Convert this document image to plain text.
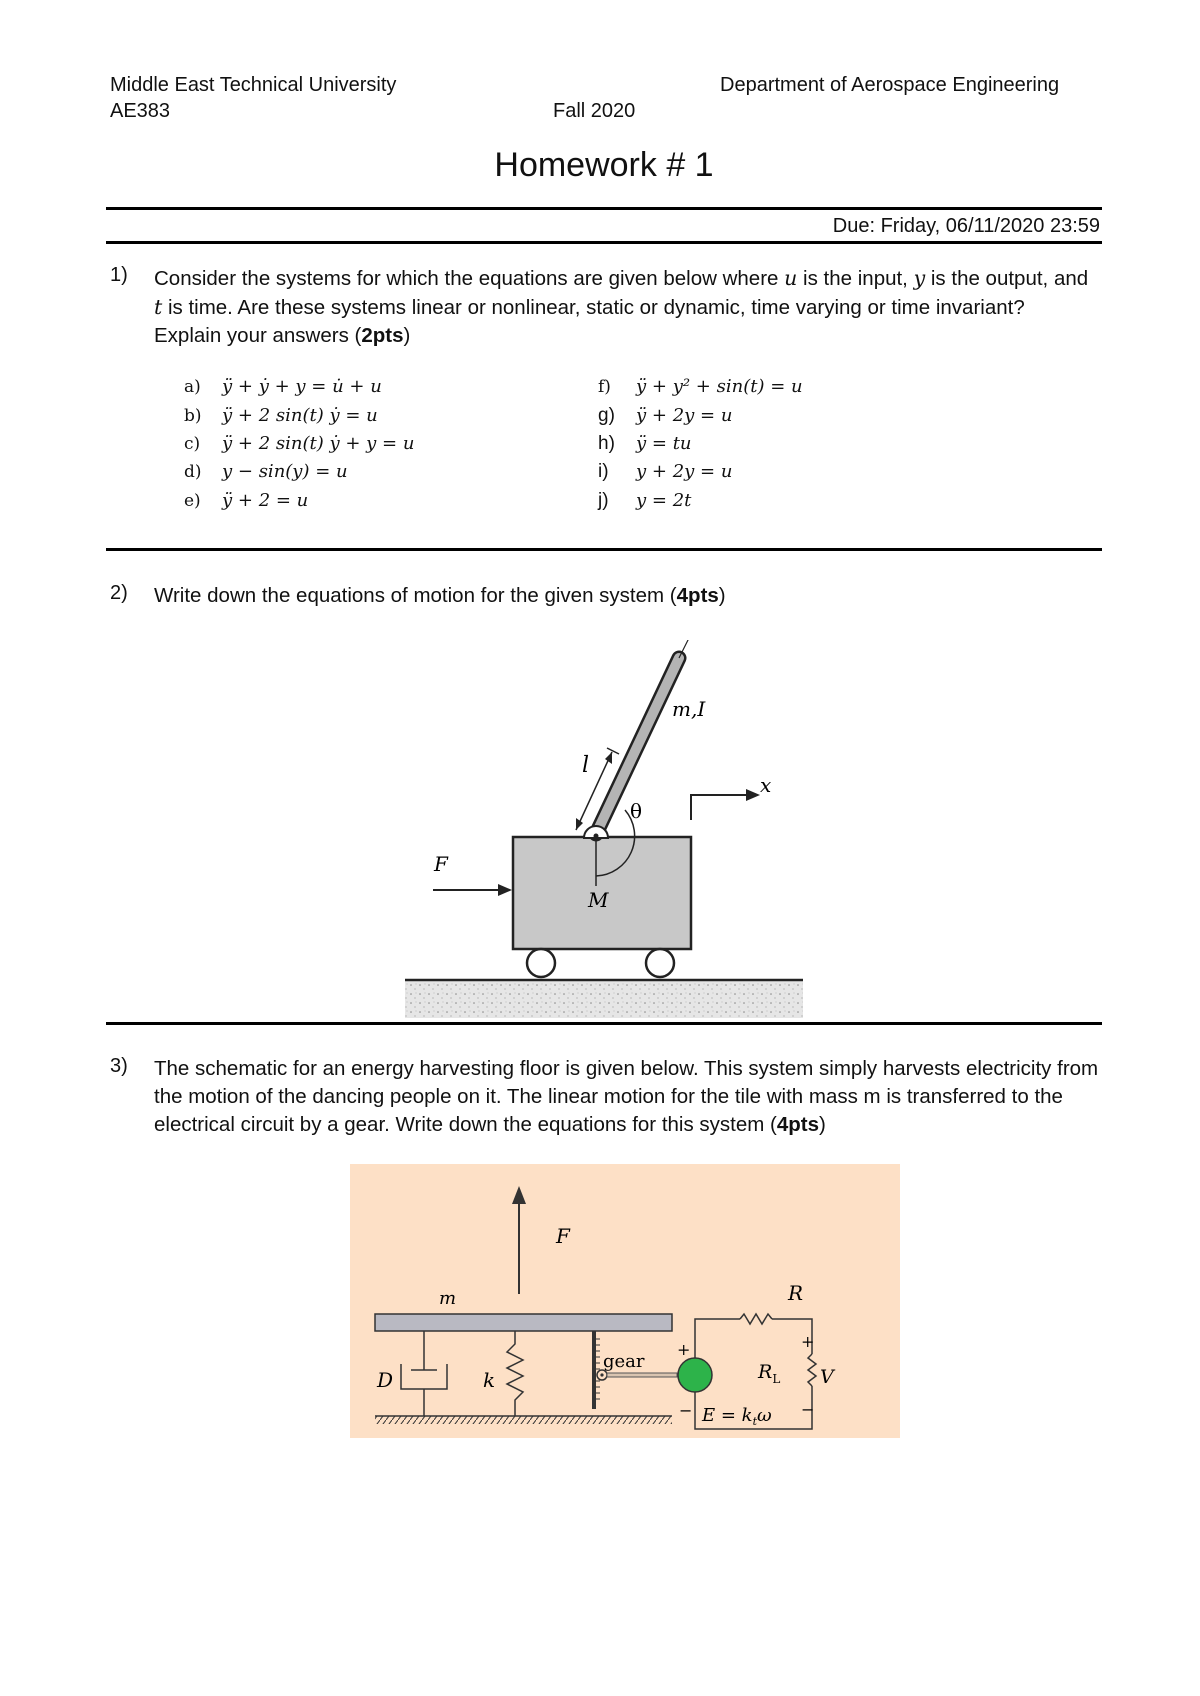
Middle East Technical University	Department of Aerospace Engineering
AE383	Fall 2020
Homework # 1
Due: Friday, 06/11/2020 23:59
1) Consider the systems for which the equations are given below where u is the input, y is the output, and t is time. Are these systems linear or nonlinear, static or dynamic, time varying or time invariant? Explain your answers (2pts)
a) ÿ + ẏ + y = u̇ + u
b) ÿ + 2 sin(t) ẏ = u
c) ÿ + 2 sin(t) ẏ + y = u
d) y − sin(y) = u
e) ÿ + 2 = u
f) ÿ + y² + sin(t) = u
g) ÿ + 2y = u
h) ÿ = tu
i) y + 2y = u
j) y = 2t
2) Write down the equations of motion for the given system (4pts)
m,I
l
θ
x
F
M
3) The schematic for an energy harvesting floor is given below. This system simply harvests electricity from the motion of the dancing people on it. The linear motion for the tile with mass m is transferred to the electrical circuit by a gear. Write down the equations for this system (4pts)
F
m	R
gear
D	k
+
−
$R_L$ V
+
−
$E = k_t\omega$
